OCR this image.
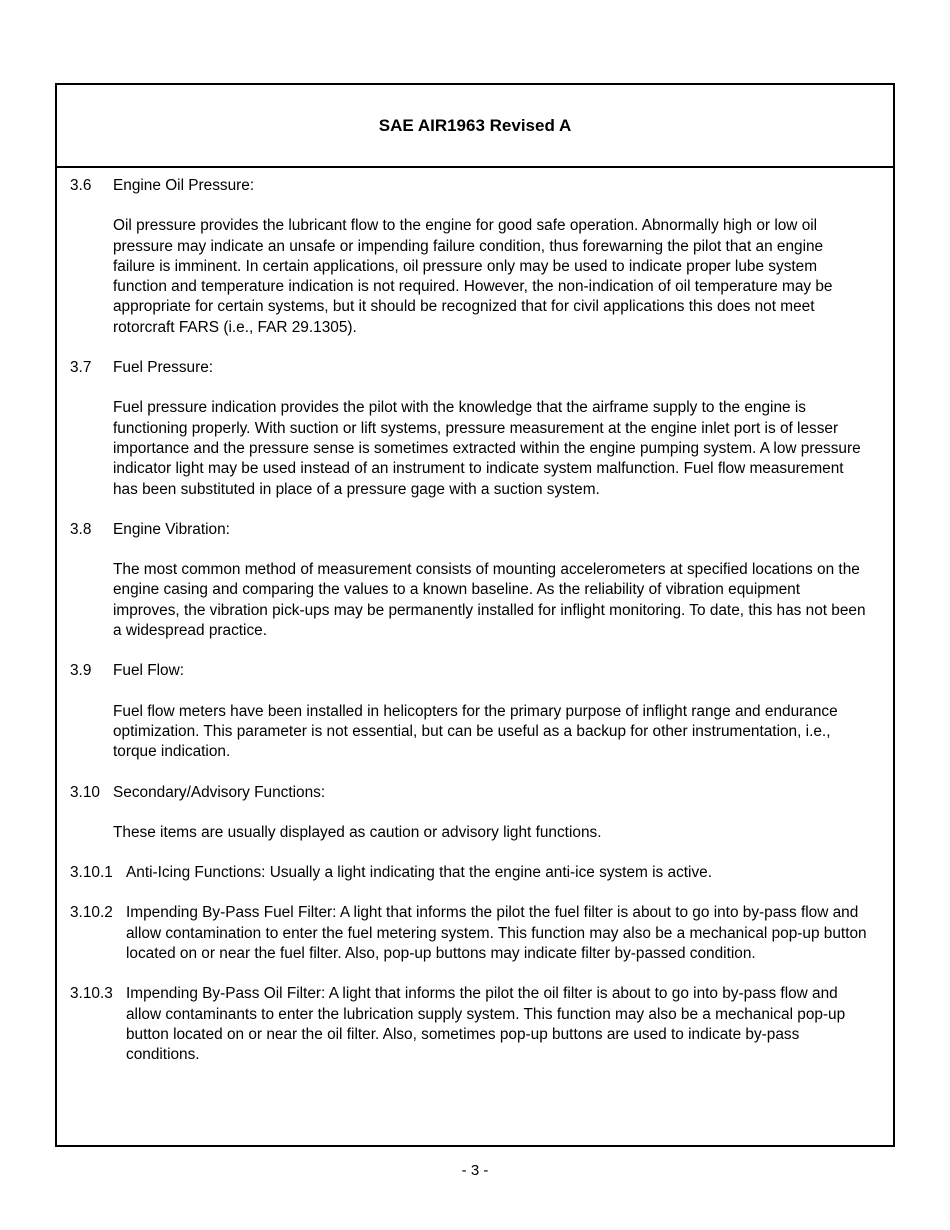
SAE AIR1963 Revised A
3.6 Engine Oil Pressure:
Oil pressure provides the lubricant flow to the engine for good safe operation. Abnormally high or low oil pressure may indicate an unsafe or impending failure condition, thus forewarning the pilot that an engine failure is imminent. In certain applications, oil pressure only may be used to indicate proper lube system function and temperature indication is not required. However, the non-indication of oil temperature may be appropriate for certain systems, but it should be recognized that for civil applications this does not meet rotorcraft FARS (i.e., FAR 29.1305).
3.7 Fuel Pressure:
Fuel pressure indication provides the pilot with the knowledge that the airframe supply to the engine is functioning properly. With suction or lift systems, pressure measurement at the engine inlet port is of lesser importance and the pressure sense is sometimes extracted within the engine pumping system. A low pressure indicator light may be used instead of an instrument to indicate system malfunction. Fuel flow measurement has been substituted in place of a pressure gage with a suction system.
3.8 Engine Vibration:
The most common method of measurement consists of mounting accelerometers at specified locations on the engine casing and comparing the values to a known baseline. As the reliability of vibration equipment improves, the vibration pick-ups may be permanently installed for inflight monitoring. To date, this has not been a widespread practice.
3.9 Fuel Flow:
Fuel flow meters have been installed in helicopters for the primary purpose of inflight range and endurance optimization. This parameter is not essential, but can be useful as a backup for other instrumentation, i.e., torque indication.
3.10 Secondary/Advisory Functions:
These items are usually displayed as caution or advisory light functions.
3.10.1 Anti-Icing Functions: Usually a light indicating that the engine anti-ice system is active.
3.10.2 Impending By-Pass Fuel Filter: A light that informs the pilot the fuel filter is about to go into by-pass flow and allow contamination to enter the fuel metering system. This function may also be a mechanical pop-up button located on or near the fuel filter. Also, pop-up buttons may indicate filter by-passed condition.
3.10.3 Impending By-Pass Oil Filter: A light that informs the pilot the oil filter is about to go into by-pass flow and allow contaminants to enter the lubrication supply system. This function may also be a mechanical pop-up button located on or near the oil filter. Also, sometimes pop-up buttons are used to indicate by-pass conditions.
- 3 -
